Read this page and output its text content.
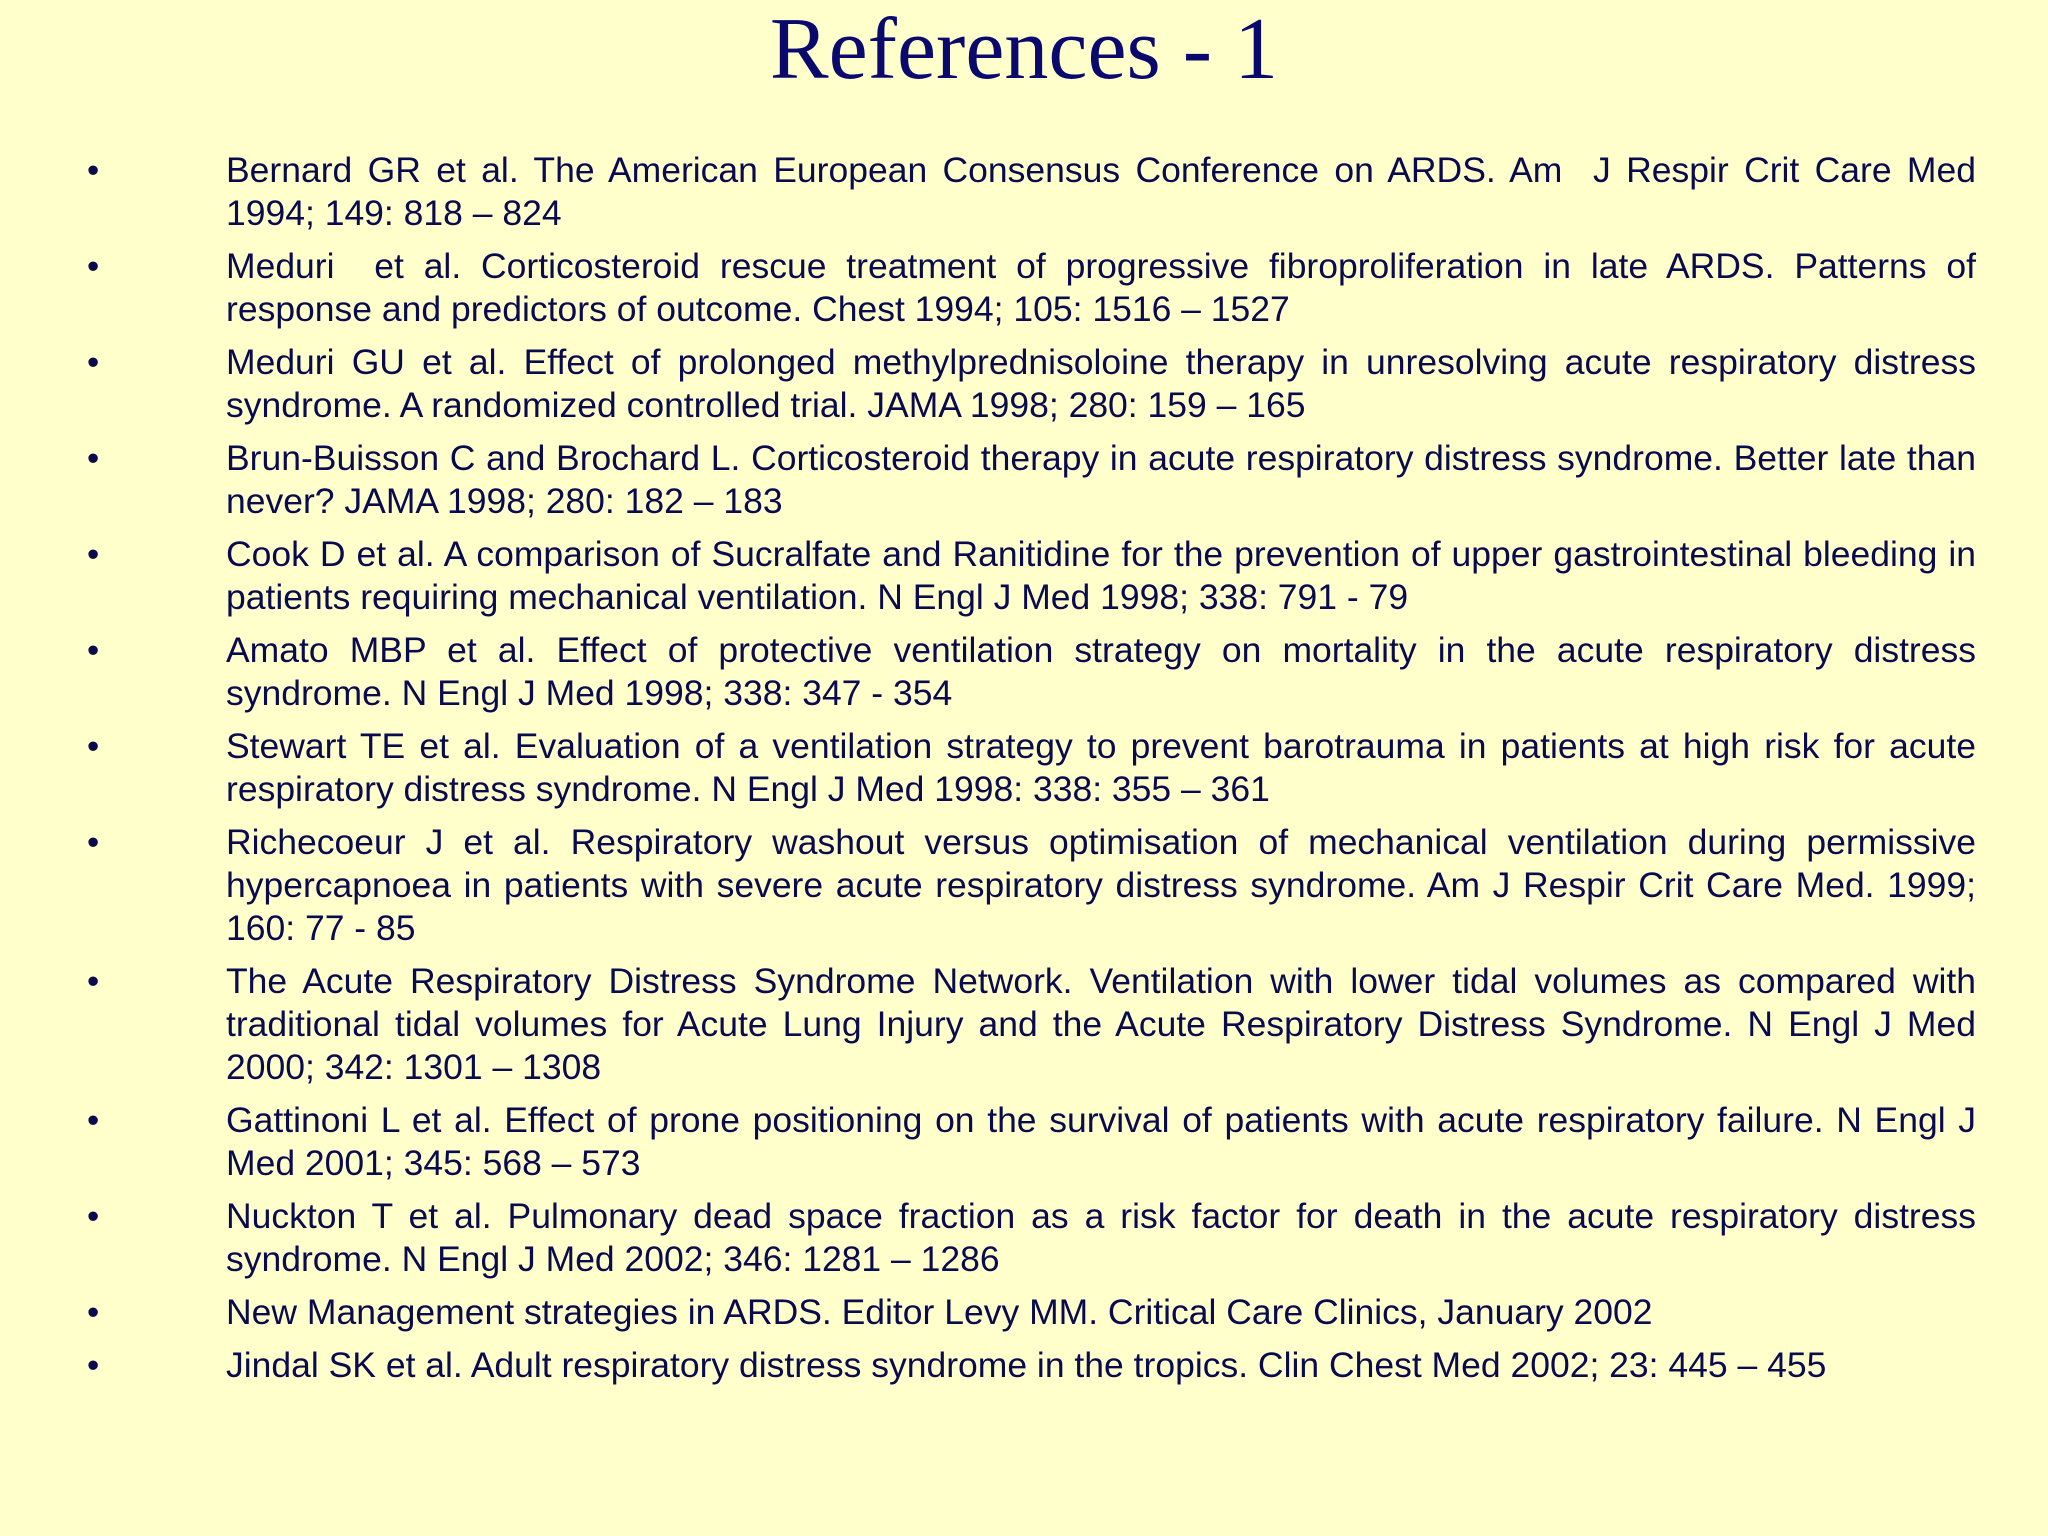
References - 1
•	Bernard GR et al. The American European Consensus Conference on ARDS. Am  J Respir Crit Care Med 1994; 149: 818 – 824
•	Meduri  et al. Corticosteroid rescue treatment of progressive fibroproliferation in late ARDS. Patterns of response and predictors of outcome. Chest 1994; 105: 1516 – 1527
•	Meduri GU et al. Effect of prolonged methylprednisoloine therapy in unresolving acute respiratory distress syndrome. A randomized controlled trial. JAMA 1998; 280: 159 – 165
•	Brun-Buisson C and Brochard L. Corticosteroid therapy in acute respiratory distress syndrome. Better late than never? JAMA 1998; 280: 182 – 183
•	Cook D et al. A comparison of Sucralfate and Ranitidine for the prevention of upper gastrointestinal bleeding in patients requiring mechanical ventilation. N Engl J Med 1998; 338: 791 - 79
•	Amato MBP et al. Effect of protective ventilation strategy on mortality in the acute respiratory distress syndrome. N Engl J Med 1998; 338: 347 - 354
•	Stewart TE et al. Evaluation of a ventilation strategy to prevent barotrauma in patients at high risk for acute respiratory distress syndrome. N Engl J Med 1998: 338: 355 – 361
•	Richecoeur J et al. Respiratory washout versus optimisation of mechanical ventilation during permissive hypercapnoea in patients with severe acute respiratory distress syndrome. Am J Respir Crit Care Med. 1999; 160: 77 - 85
•	The Acute Respiratory Distress Syndrome Network. Ventilation with lower tidal volumes as compared with traditional tidal volumes for Acute Lung Injury and the Acute Respiratory Distress Syndrome. N Engl J Med 2000; 342: 1301 – 1308
•	Gattinoni L et al. Effect of prone positioning on the survival of patients with acute respiratory failure. N Engl J Med 2001; 345: 568 – 573
•	Nuckton T et al. Pulmonary dead space fraction as a risk factor for death in the acute respiratory distress syndrome. N Engl J Med 2002; 346: 1281 – 1286
•	New Management strategies in ARDS. Editor Levy MM. Critical Care Clinics, January 2002
•	Jindal SK et al. Adult respiratory distress syndrome in the tropics. Clin Chest Med 2002; 23: 445 – 455
